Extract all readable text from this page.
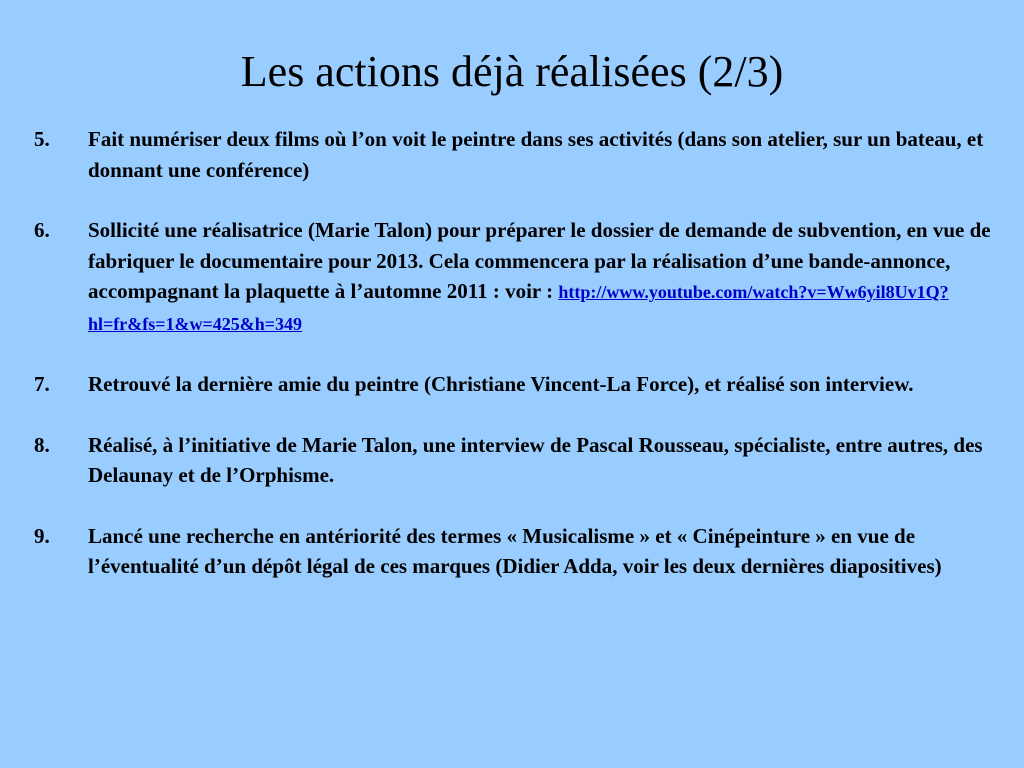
Les actions déjà réalisées (2/3)
5.	Fait numériser deux films où l’on voit le peintre dans ses activités (dans son atelier, sur un bateau, et donnant une conférence)
6.	Sollicité une réalisatrice (Marie Talon) pour préparer le dossier de demande de subvention, en vue de fabriquer le documentaire pour 2013. Cela commencera par la réalisation d’une bande-annonce, accompagnant la plaquette à l’automne 2011 : voir : http://www.youtube.com/watch?v=Ww6yil8Uv1Q?hl=fr&fs=1&w=425&h=349
7.	Retrouvé la dernière amie du peintre (Christiane Vincent-La Force), et réalisé son interview.
8.	Réalisé, à l’initiative de Marie Talon, une interview de Pascal Rousseau, spécialiste, entre autres, des Delaunay et de l’Orphisme.
9.	Lancé une recherche en antériorité des termes « Musicalisme » et « Cinépeinture » en vue de l’éventualité d’un dépôt légal de ces marques (Didier Adda, voir les deux dernières diapositives)
